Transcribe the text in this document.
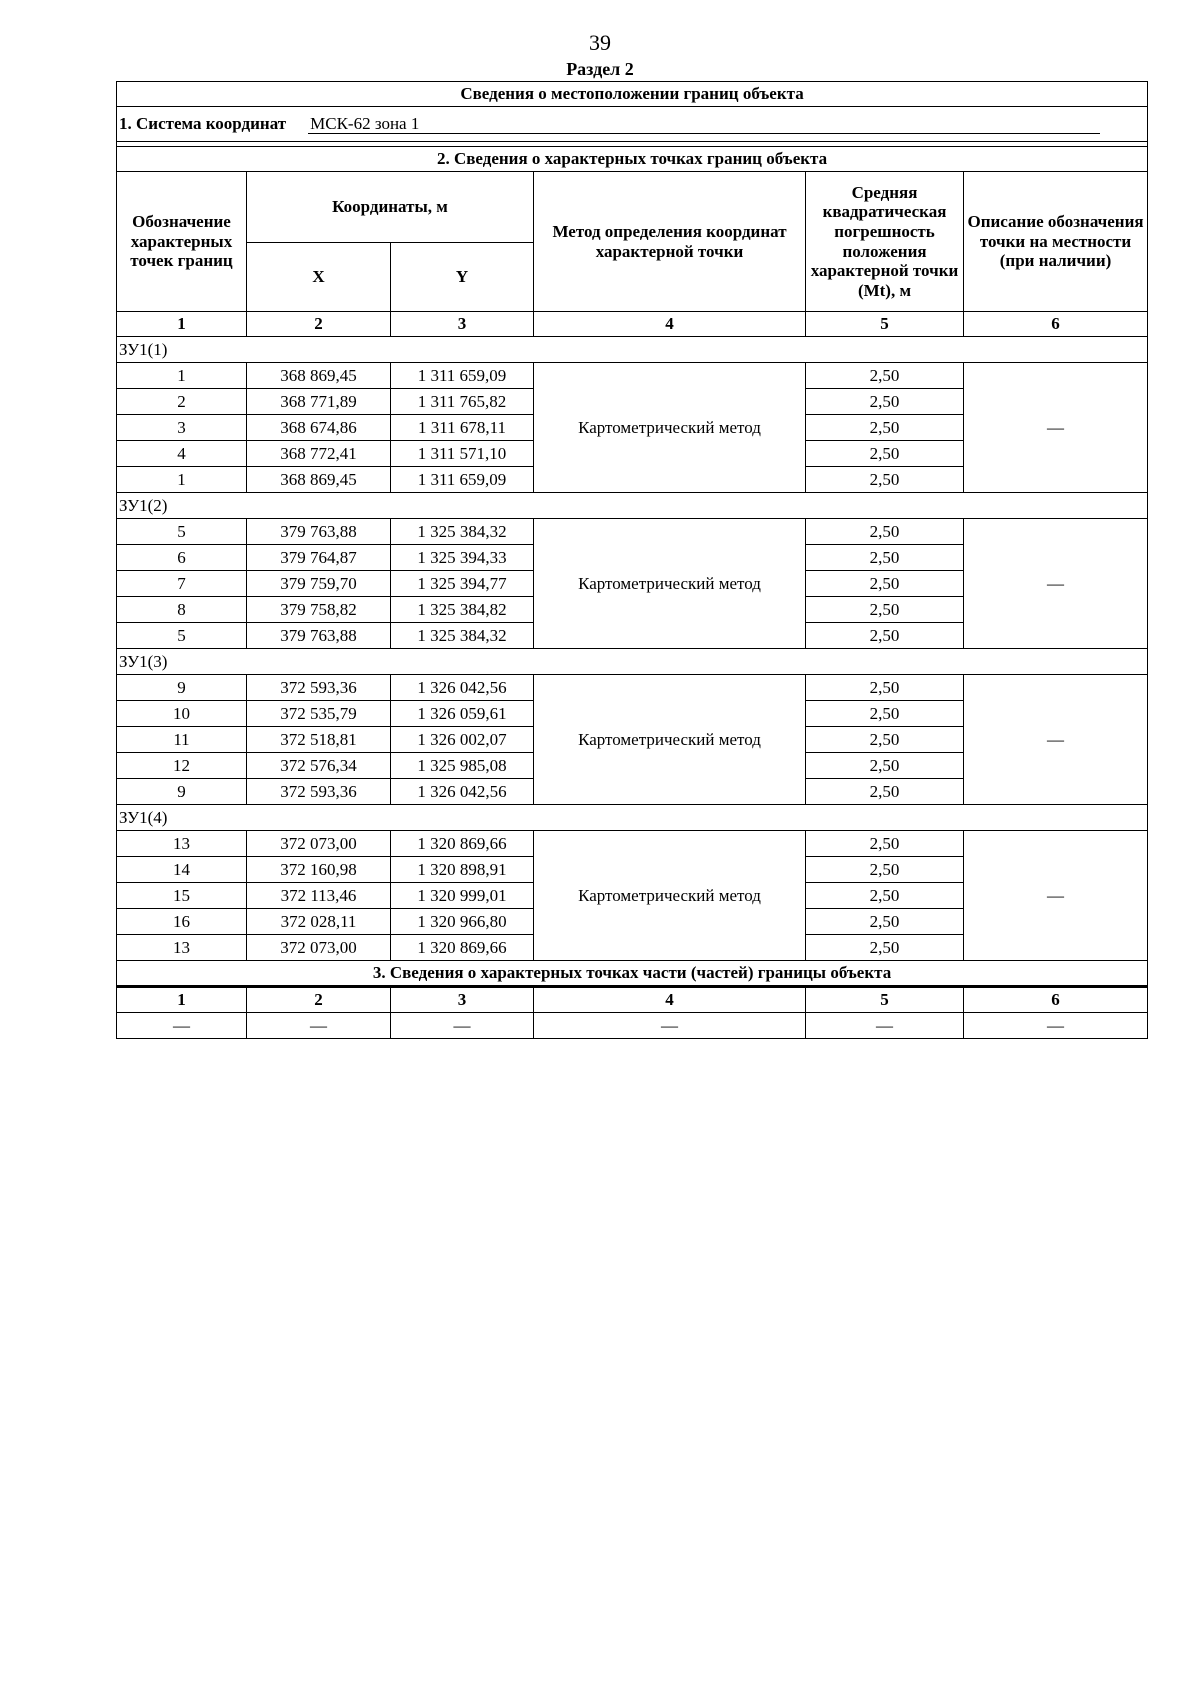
39
Раздел 2
Сведения о местоположении границ объекта					
1. Система координат МСК-62 зона 1					

2. Сведения о характерных точках границ объекта					
Обозначение характерных точек границ	Координаты, м		Метод определения координат характерной точки	Средняя квадратическая погрешность положения характерной точки (Mt), м	Описание обозначения точки на местности (при наличии)
	X	Y			
1	2	3	4	5	6
ЗУ1(1)					
1	368 869,45	1 311 659,09	Картометрический метод	2,50	—
2	368 771,89	1 311 765,82		2,50	
3	368 674,86	1 311 678,11		2,50	
4	368 772,41	1 311 571,10		2,50	
1	368 869,45	1 311 659,09		2,50	
ЗУ1(2)					
5	379 763,88	1 325 384,32	Картометрический метод	2,50	—
6	379 764,87	1 325 394,33		2,50	
7	379 759,70	1 325 394,77		2,50	
8	379 758,82	1 325 384,82		2,50	
5	379 763,88	1 325 384,32		2,50	
ЗУ1(3)					
9	372 593,36	1 326 042,56	Картометрический метод	2,50	—
10	372 535,79	1 326 059,61		2,50	
11	372 518,81	1 326 002,07		2,50	
12	372 576,34	1 325 985,08		2,50	
9	372 593,36	1 326 042,56		2,50	
ЗУ1(4)					
13	372 073,00	1 320 869,66	Картометрический метод	2,50	—
14	372 160,98	1 320 898,91		2,50	
15	372 113,46	1 320 999,01		2,50	
16	372 028,11	1 320 966,80		2,50	
13	372 073,00	1 320 869,66		2,50	
3. Сведения о характерных точках части (частей) границы объекта					
1	2	3	4	5	6
—	—	—	—	—	—
